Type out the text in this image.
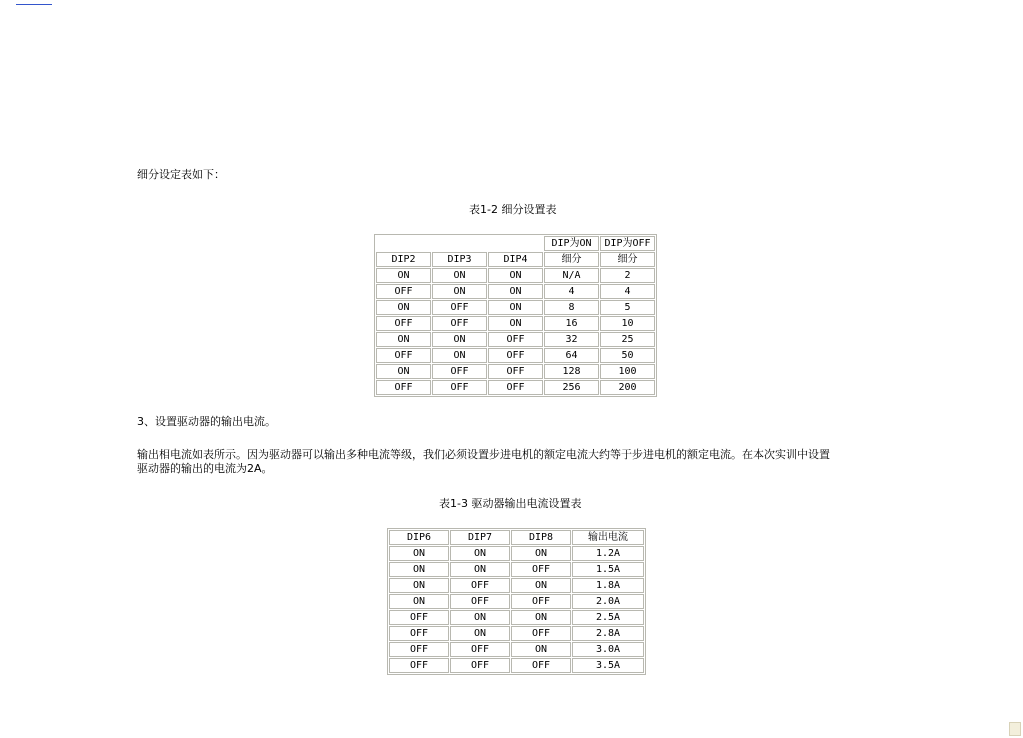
细分设定表如下：
表1-2 细分设置表
			DIP为ON	DIP为OFF
DIP2	DIP3	DIP4	细分	细分
ON	ON	ON	N/A	2
OFF	ON	ON	4	4
ON	OFF	ON	8	5
OFF	OFF	ON	16	10
ON	ON	OFF	32	25
OFF	ON	OFF	64	50
ON	OFF	OFF	128	100
OFF	OFF	OFF	256	200
3、设置驱动器的输出电流。
输出相电流如表所示。因为驱动器可以输出多种电流等级，我们必须设置步进电机的额定电流大约等于步进电机的额定电流。在本次实训中设置
驱动器的输出的电流为2A。
表1-3 驱动器输出电流设置表
DIP6	DIP7	DIP8	输出电流
ON	ON	ON	1.2A
ON	ON	OFF	1.5A
ON	OFF	ON	1.8A
ON	OFF	OFF	2.0A
OFF	ON	ON	2.5A
OFF	ON	OFF	2.8A
OFF	OFF	ON	3.0A
OFF	OFF	OFF	3.5A
